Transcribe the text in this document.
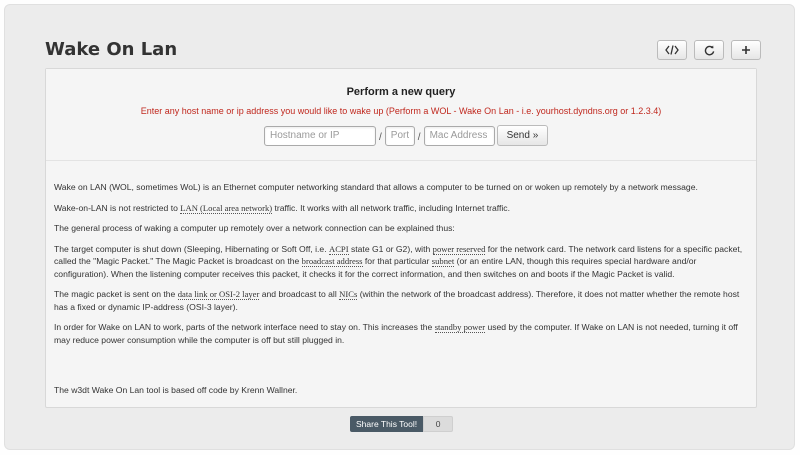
Wake On Lan
Perform a new query
Enter any host name or ip address you would like to wake up (Perform a WOL - Wake On Lan - i.e. yourhost.dyndns.org or 1.2.3.4)
Hostname or IP
/
Port	/
Mac Address	Send »

Wake on LAN (WOL, sometimes WoL) is an Ethernet computer networking standard that allows a computer to be turned on or woken up remotely by a network message.

Wake-on-LAN is not restricted to LAN (Local area network) traffic. It works with all network traffic, including Internet traffic.

The general process of waking a computer up remotely over a network connection can be explained thus:

The target computer is shut down (Sleeping, Hibernating or Soft Off, i.e. ACPI state G1 or G2), with power reserved for the network card. The network card listens for a specific packet, called the "Magic Packet." The Magic Packet is broadcast on the broadcast address for that particular subnet (or an entire LAN, though this requires special hardware and/or configuration). When the listening computer receives this packet, it checks it for the correct information, and then switches on and boots if the Magic Packet is valid.

The magic packet is sent on the data link or OSI-2 layer and broadcast to all NICs (within the network of the broadcast address). Therefore, it does not matter whether the remote host has a fixed or dynamic IP-address (OSI-3 layer).

In order for Wake on LAN to work, parts of the network interface need to stay on. This increases the standby power used by the computer. If Wake on LAN is not needed, turning it off may reduce power consumption while the computer is off but still plugged in.

The w3dt Wake On Lan tool is based off code by Krenn Wallner.
Share This Tool!	0
